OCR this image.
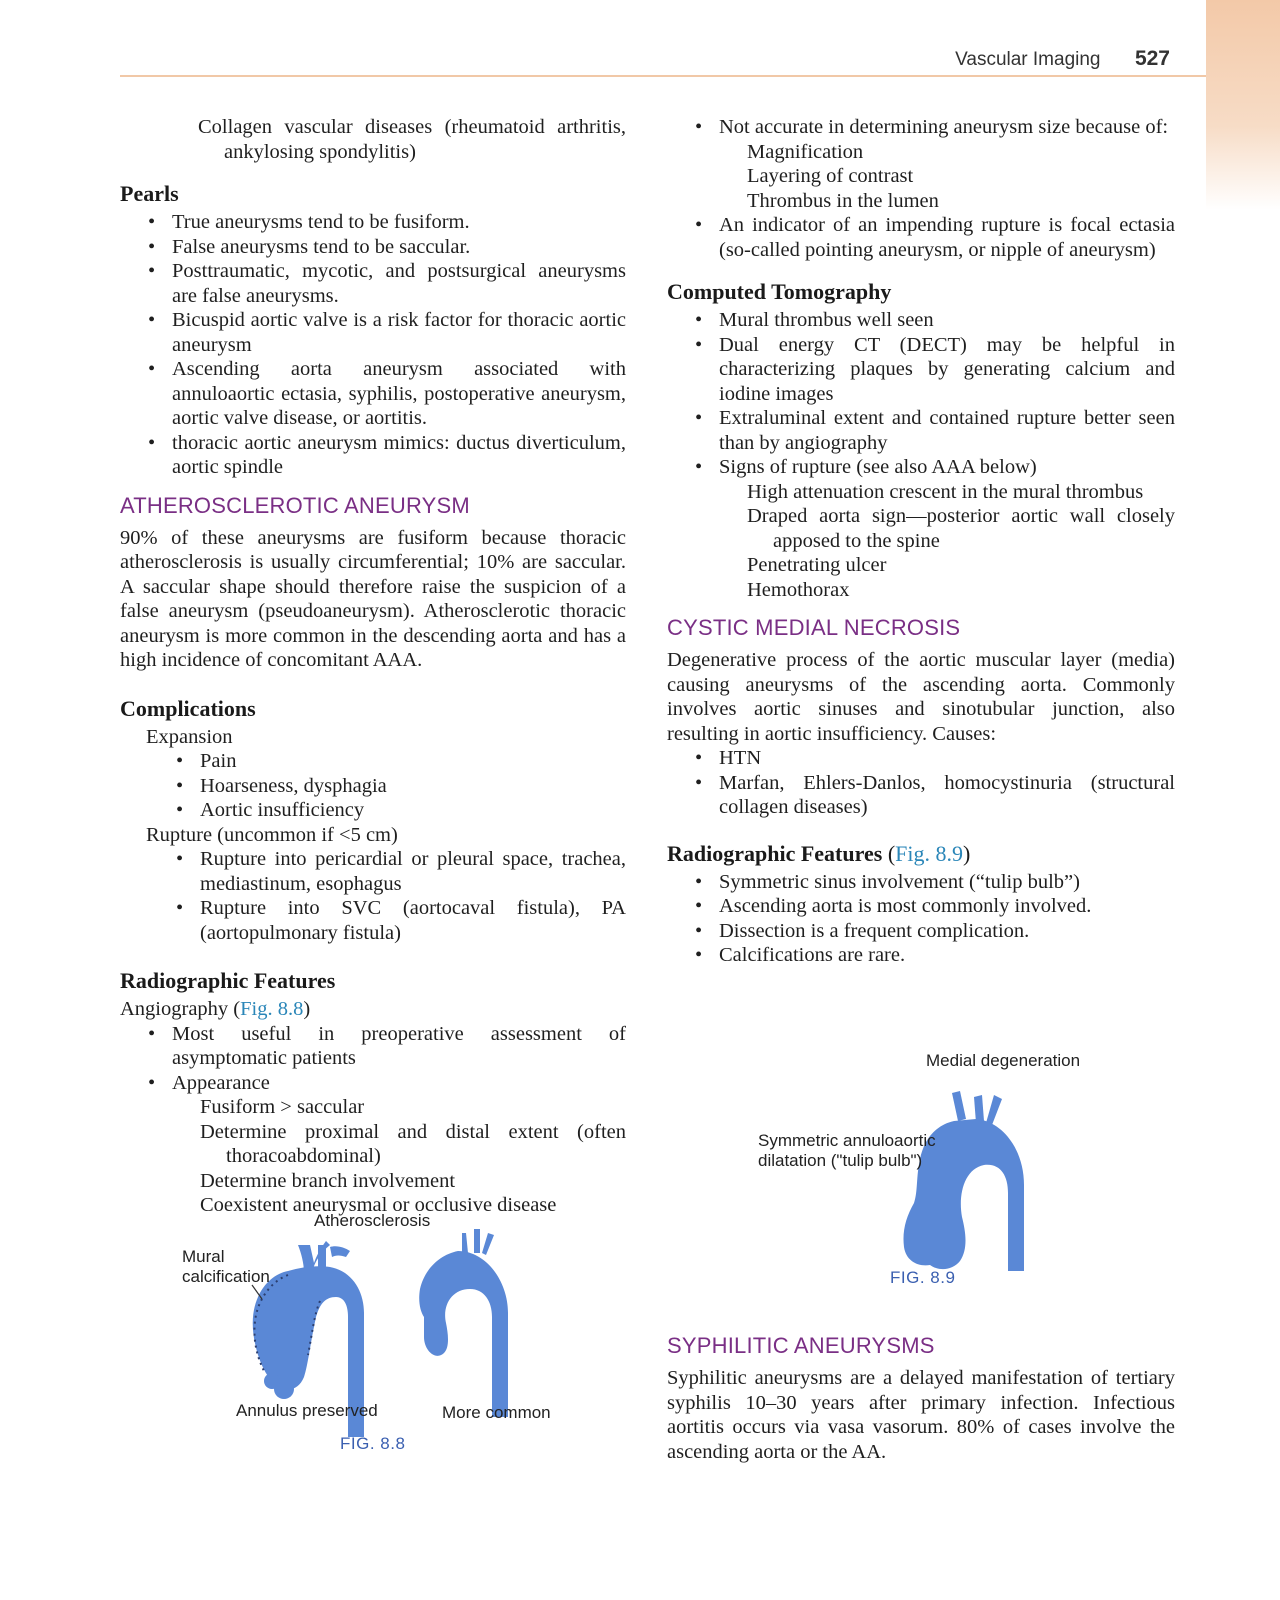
Vascular Imaging 527

Collagen vascular diseases (rheumatoid arthritis, ankylosing spondylitis)

Pearls
• True aneurysms tend to be fusiform.
• False aneurysms tend to be saccular.
• Posttraumatic, mycotic, and postsurgical aneurysms are false aneurysms.
• Bicuspid aortic valve is a risk factor for thoracic aortic aneurysm
• Ascending aorta aneurysm associated with annuloaortic ectasia, syphilis, postoperative aneurysm, aortic valve disease, or aortitis.
• thoracic aortic aneurysm mimics: ductus diverticulum, aortic spindle
ATHEROSCLEROTIC ANEURYSM

90% of these aneurysms are fusiform because thoracic atherosclerosis is usually circumferential; 10% are saccular. A saccular shape should therefore raise the suspicion of a false aneurysm (pseudoaneurysm). Atherosclerotic thoracic aneurysm is more common in the descending aorta and has a high incidence of concomitant AAA.

Complications

Expansion

• Pain
• Hoarseness, dysphagia
• Aortic insufficiency

Rupture (uncommon if <5 cm)

• Rupture into pericardial or pleural space, trachea, mediastinum, esophagus
• Rupture into SVC (aortocaval fistula), PA (aortopulmonary fistula)
Radiographic Features

Angiography (Fig. 8.8)

• Most useful in preoperative assessment of asymptomatic patients
• Appearance

Fusiform > saccular

Determine proximal and distal extent (often thoracoabdominal)

Determine branch involvement

Coexistent aneurysmal or occlusive disease

Atherosclerosis
Mural calcification
Annulus preserved	More common
FIG. 8.8
• Not accurate in determining aneurysm size because of:

Magnification

Layering of contrast

Thrombus in the lumen

• An indicator of an impending rupture is focal ectasia (so-called pointing aneurysm, or nipple of aneurysm)
Computed Tomography
• Mural thrombus well seen
• Dual energy CT (DECT) may be helpful in characterizing plaques by generating calcium and iodine images
• Extraluminal extent and contained rupture better seen than by angiography
• Signs of rupture (see also AAA below)

High attenuation crescent in the mural thrombus

Draped aorta sign—posterior aortic wall closely apposed to the spine

Penetrating ulcer

Hemothorax

CYSTIC MEDIAL NECROSIS

Degenerative process of the aortic muscular layer (media) causing aneurysms of the ascending aorta. Commonly involves aortic sinuses and sinotubular junction, also resulting in aortic insufficiency. Causes:

• HTN
• Marfan, Ehlers-Danlos, homocystinuria (structural collagen diseases)
Radiographic Features (Fig. 8.9)
• Symmetric sinus involvement (“tulip bulb”)
• Ascending aorta is most commonly involved.
• Dissection is a frequent complication.
• Calcifications are rare.
Medial degeneration
Symmetric annuloaortic dilatation ("tulip bulb")
FIG. 8.9
SYPHILITIC ANEURYSMS

Syphilitic aneurysms are a delayed manifestation of tertiary syphilis 10–30 years after primary infection. Infectious aortitis occurs via vasa vasorum. 80% of cases involve the ascending aorta or the AA.
